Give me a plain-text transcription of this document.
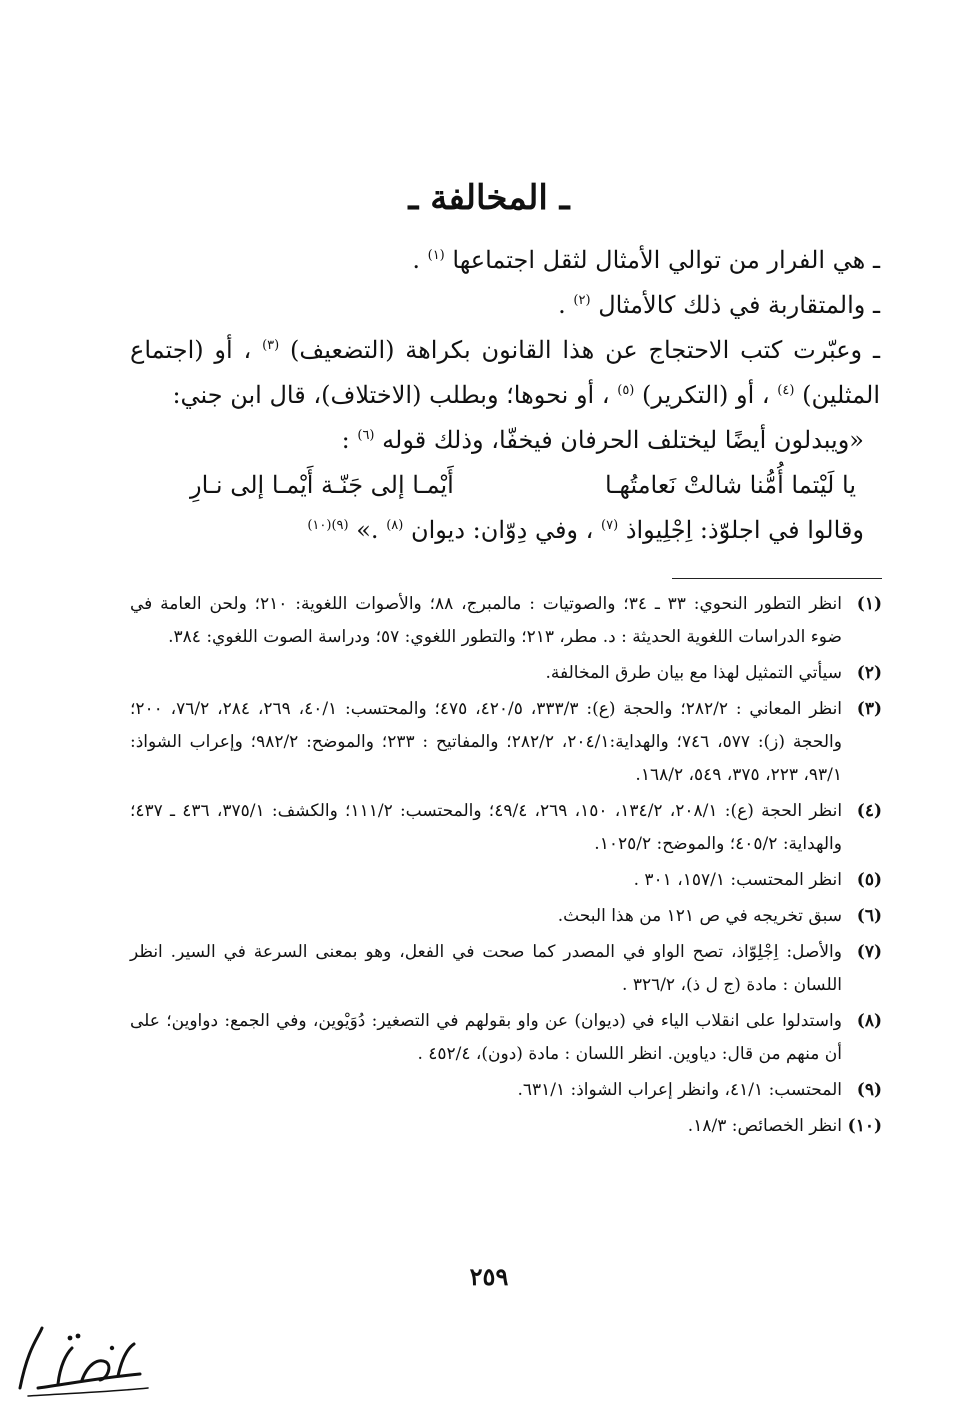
ـ المخالفة ـ

ـ هي الفرار من توالي الأمثال لثقل اجتماعها $^{(١)}$ .

ـ والمتقاربة في ذلك كالأمثال $^{(٢)}$ .

ـ وعبّرت كتب الاحتجاج عن هذا القانون بكراهة (التضعيف) $^{(٣)}$ ، أو (اجتماع المثلين) $^{(٤)}$ ، أو (التكرير) $^{(٥)}$ ، أو نحوها؛ وبطلب (الاختلاف)، قال ابن جني:

«ويبدلون أيضًا ليختلف الحرفان فيخفّا، وذلك قوله $^{(٦)}$ :

يا لَيْتما أُمُّنا شالتْ نَعامتُهـا
أَيْمـا إلى جَنّـة أَيْمـا إلى نـارِ

وقالوا في اجلوّذ: اِجْلِيواذ $^{(٧)}$ ، وفي دِوّان: ديوان $^{(٨)}$ .» $^{(٩)(١٠)}$

(١)
انظر التطور النحوي: ٣٣ ـ ٣٤؛ والصوتيات : مالمبرج، ٨٨؛ والأصوات اللغوية: ٢١٠؛ ولحن العامة في ضوء الدراسات اللغوية الحديثة : د. مطر، ٢١٣؛ والتطور اللغوي: ٥٧؛ ودراسة الصوت اللغوي: ٣٨٤.
(٢)
سيأتي التمثيل لهذا مع بيان طرق المخالفة.
(٣)
انظر المعاني : ٢٨٢/٢؛ والحجة (ع): ٣٣٣/٣، ٤٢٠/٥، ٤٧٥؛ والمحتسب: ٤٠/١، ٢٦٩، ٢٨٤، ٧٦/٢، ٢٠٠؛ والحجة (ز): ٥٧٧، ٧٤٦؛ والهداية:٢٠٤/١، ٢٨٢/٢؛ والمفاتيح : ٢٣٣؛ والموضح: ٩٨٢/٢؛ وإعراب الشواذ: ٩٣/١، ٢٢٣، ٣٧٥، ٥٤٩، ١٦٨/٢.
(٤)
انظر الحجة (ع): ٢٠٨/١، ١٣٤/٢، ١٥٠، ٢٦٩، ٤٩/٤؛ والمحتسب: ١١١/٢؛ والكشف: ٣٧٥/١، ٤٣٦ ـ ٤٣٧؛ والهداية: ٤٠٥/٢؛ والموضح: ١٠٢٥/٢.
(٥)
انظر المحتسب: ١٥٧/١، ٣٠١ .
(٦)
سبق تخريجه في ص ١٢١ من هذا البحث.
(٧)
والأصل: اِجْلِوّاذ، تصح الواو في المصدر كما صحت في الفعل، وهو بمعنى السرعة في السير. انظر اللسان : مادة (ج ل ذ)، ٣٢٦/٢ .
(٨)
واستدلوا على انقلاب الياء في (ديوان) عن واو بقولهم في التصغير: دُوَيْوين، وفي الجمع: دواوين؛ على أن منهم من قال: دياوين. انظر اللسان : مادة (دون)، ٤٥٢/٤ .
(٩)
المحتسب: ٤١/١، وانظر إعراب الشواذ: ٦٣١/١.
(١٠)
انظر الخصائص: ١٨/٣.
٢٥٩
